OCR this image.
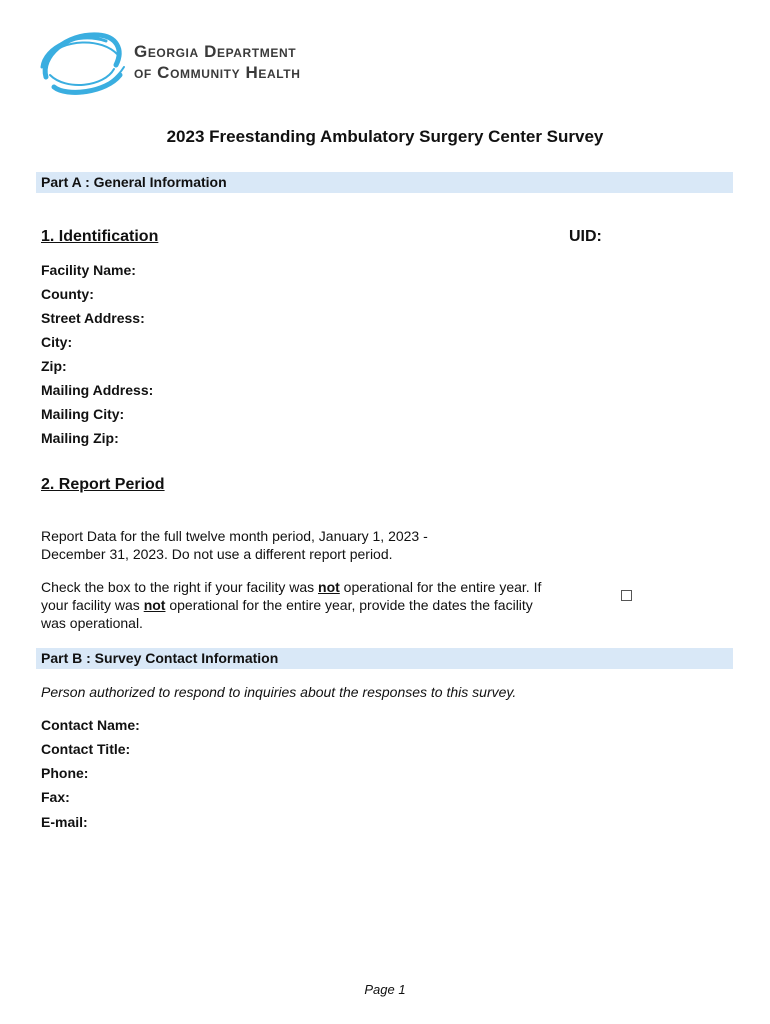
Georgia Department
of Community Health
2023 Freestanding Ambulatory Surgery Center Survey
Part A : General Information
1. Identification	UID:
Facility Name:
County:
Street Address:
City:
Zip:
Mailing Address:
Mailing City:
Mailing Zip:
2. Report Period
Report Data for the full twelve month period, January 1, 2023 -
December 31, 2023. Do not use a different report period.
Check the box to the right if your facility was not operational for the entire year. If
your facility was not operational for the entire year, provide the dates the facility
was operational.
Part B : Survey Contact Information
Person authorized to respond to inquiries about the responses to this survey.
Contact Name:
Contact Title:
Phone:
Fax:
E-mail:
Page 1
